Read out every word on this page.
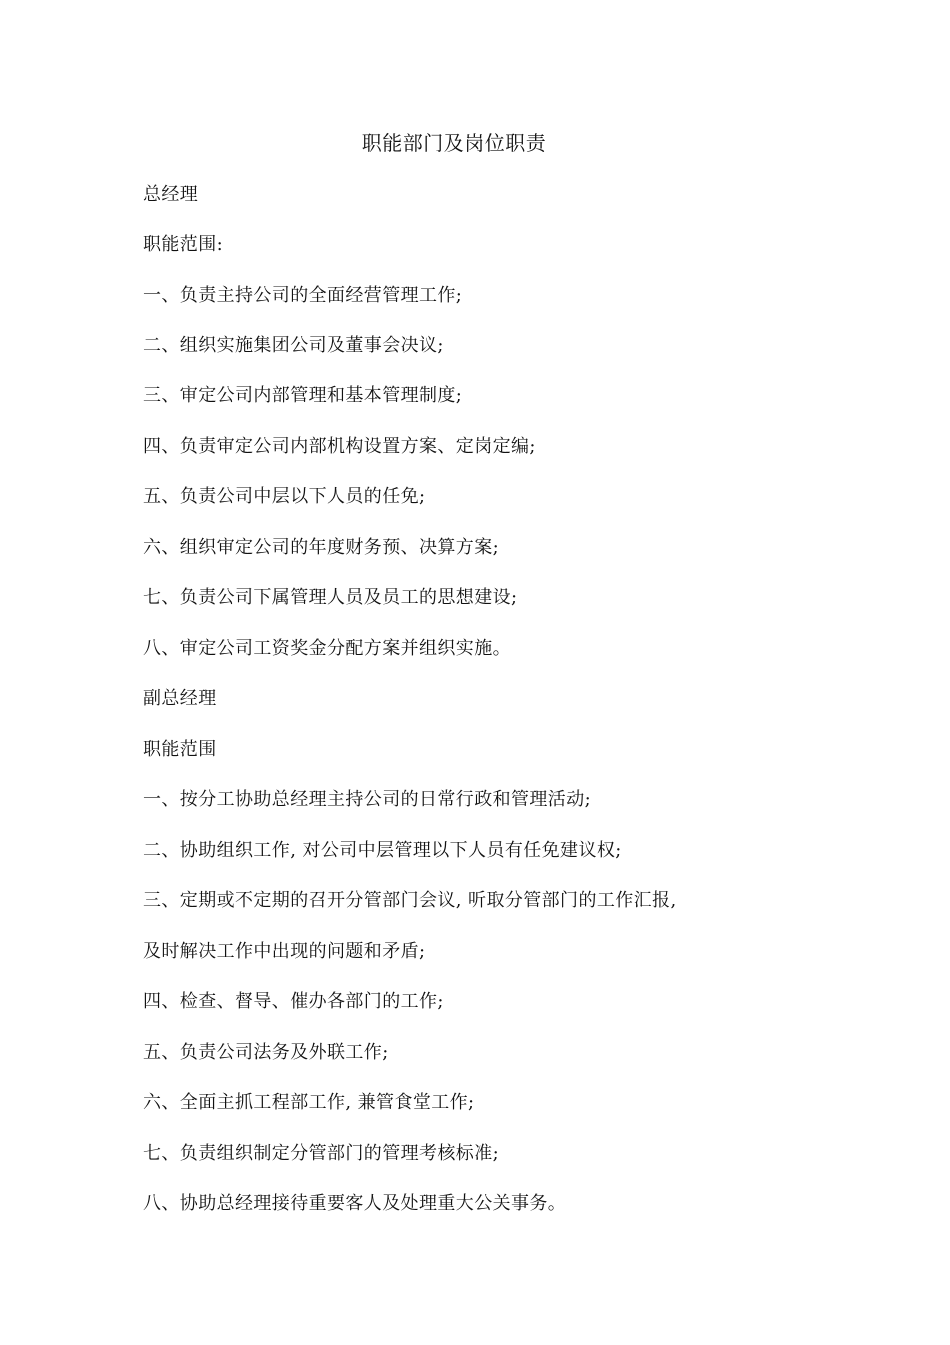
职能部门及岗位职责
总经理
职能范围:
一、负责主持公司的全面经营管理工作;
二、组织实施集团公司及董事会决议;
三、审定公司内部管理和基本管理制度;
四、负责审定公司内部机构设置方案、定岗定编;
五、负责公司中层以下人员的任免;
六、组织审定公司的年度财务预、决算方案;
七、负责公司下属管理人员及员工的思想建设;
八、审定公司工资奖金分配方案并组织实施。
副总经理
职能范围
一、按分工协助总经理主持公司的日常行政和管理活动;
二、协助组织工作, 对公司中层管理以下人员有任免建议权;
三、定期或不定期的召开分管部门会议, 听取分管部门的工作汇报,
及时解决工作中出现的问题和矛盾;
四、检查、督导、催办各部门的工作;
五、负责公司法务及外联工作;
六、全面主抓工程部工作, 兼管食堂工作;
七、负责组织制定分管部门的管理考核标准;
八、协助总经理接待重要客人及处理重大公关事务。
